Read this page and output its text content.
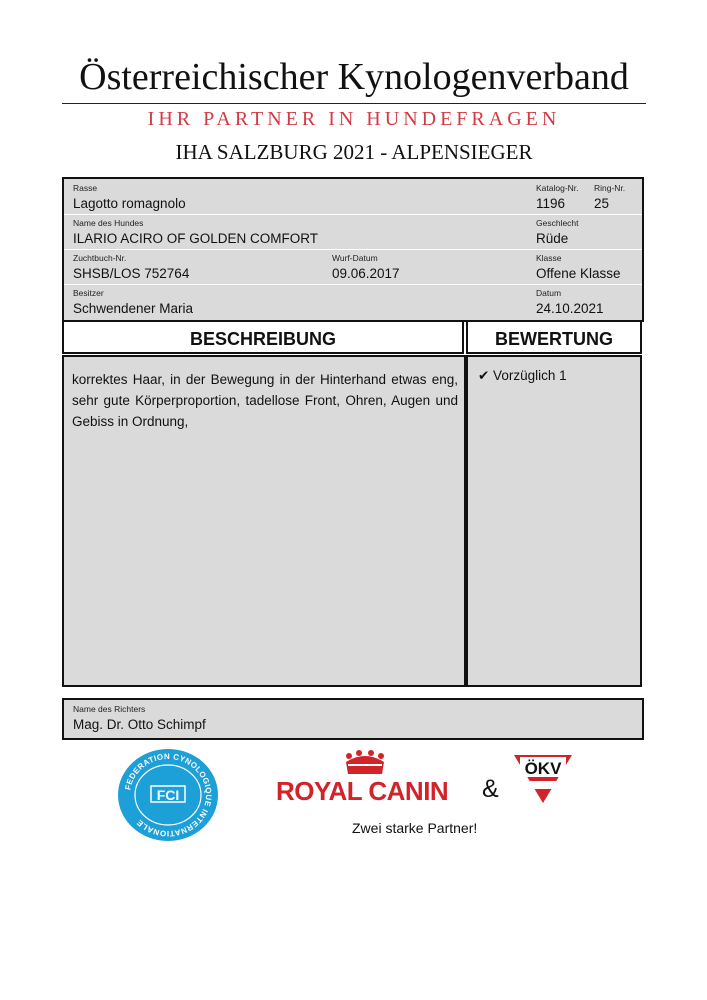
Österreichischer Kynologenverband
IHR PARTNER IN HUNDEFRAGEN
IHA SALZBURG 2021 - ALPENSIEGER
Rasse
Lagotto romagnolo
Katalog-Nr.
1196
Ring-Nr.
25
Name des Hundes
ILARIO ACIRO OF GOLDEN COMFORT
Geschlecht
Rüde
Zuchtbuch-Nr.
SHSB/LOS 752764
Wurf-Datum
09.06.2017
Klasse
Offene Klasse
Besitzer
Schwendener Maria
Datum
24.10.2021
BESCHREIBUNG	BEWERTUNG
korrektes Haar, in der Bewegung in der Hinterhand etwas eng, sehr gute Körperproportion, tadellose Front, Ohren, Augen und Gebiss in Ordnung,
✔ Vorzüglich 1
Name des Richters
Mag. Dr. Otto Schimpf
FEDERATION CYNOLOGIQUE INTERNATIONALE
FCI	ROYAL CANIN &
ÖKV
Zwei starke Partner!
